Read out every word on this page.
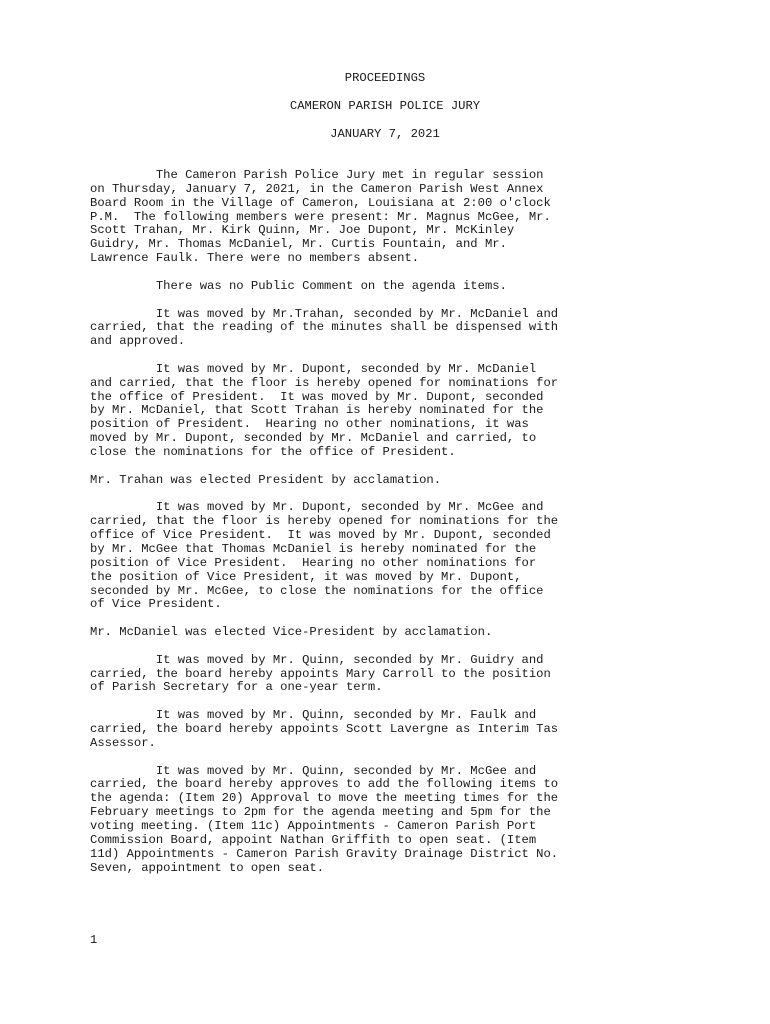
PROCEEDINGS
CAMERON PARISH POLICE JURY
JANUARY 7, 2021
The Cameron Parish Police Jury met in regular session
on Thursday, January 7, 2021, in the Cameron Parish West Annex
Board Room in the Village of Cameron, Louisiana at 2:00 o'clock
P.M.  The following members were present: Mr. Magnus McGee, Mr.
Scott Trahan, Mr. Kirk Quinn, Mr. Joe Dupont, Mr. McKinley
Guidry, Mr. Thomas McDaniel, Mr. Curtis Fountain, and Mr.
Lawrence Faulk. There were no members absent.
There was no Public Comment on the agenda items.
It was moved by Mr.Trahan, seconded by Mr. McDaniel and
carried, that the reading of the minutes shall be dispensed with
and approved.
It was moved by Mr. Dupont, seconded by Mr. McDaniel
and carried, that the floor is hereby opened for nominations for
the office of President.  It was moved by Mr. Dupont, seconded
by Mr. McDaniel, that Scott Trahan is hereby nominated for the
position of President.  Hearing no other nominations, it was
moved by Mr. Dupont, seconded by Mr. McDaniel and carried, to
close the nominations for the office of President.
Mr. Trahan was elected President by acclamation.
It was moved by Mr. Dupont, seconded by Mr. McGee and
carried, that the floor is hereby opened for nominations for the
office of Vice President.  It was moved by Mr. Dupont, seconded
by Mr. McGee that Thomas McDaniel is hereby nominated for the
position of Vice President.  Hearing no other nominations for
the position of Vice President, it was moved by Mr. Dupont,
seconded by Mr. McGee, to close the nominations for the office
of Vice President.
Mr. McDaniel was elected Vice-President by acclamation.
It was moved by Mr. Quinn, seconded by Mr. Guidry and
carried, the board hereby appoints Mary Carroll to the position
of Parish Secretary for a one-year term.
It was moved by Mr. Quinn, seconded by Mr. Faulk and
carried, the board hereby appoints Scott Lavergne as Interim Tas
Assessor.
It was moved by Mr. Quinn, seconded by Mr. McGee and
carried, the board hereby approves to add the following items to
the agenda: (Item 20) Approval to move the meeting times for the
February meetings to 2pm for the agenda meeting and 5pm for the
voting meeting. (Item 11c) Appointments - Cameron Parish Port
Commission Board, appoint Nathan Griffith to open seat. (Item
11d) Appointments - Cameron Parish Gravity Drainage District No.
Seven, appointment to open seat.
1
